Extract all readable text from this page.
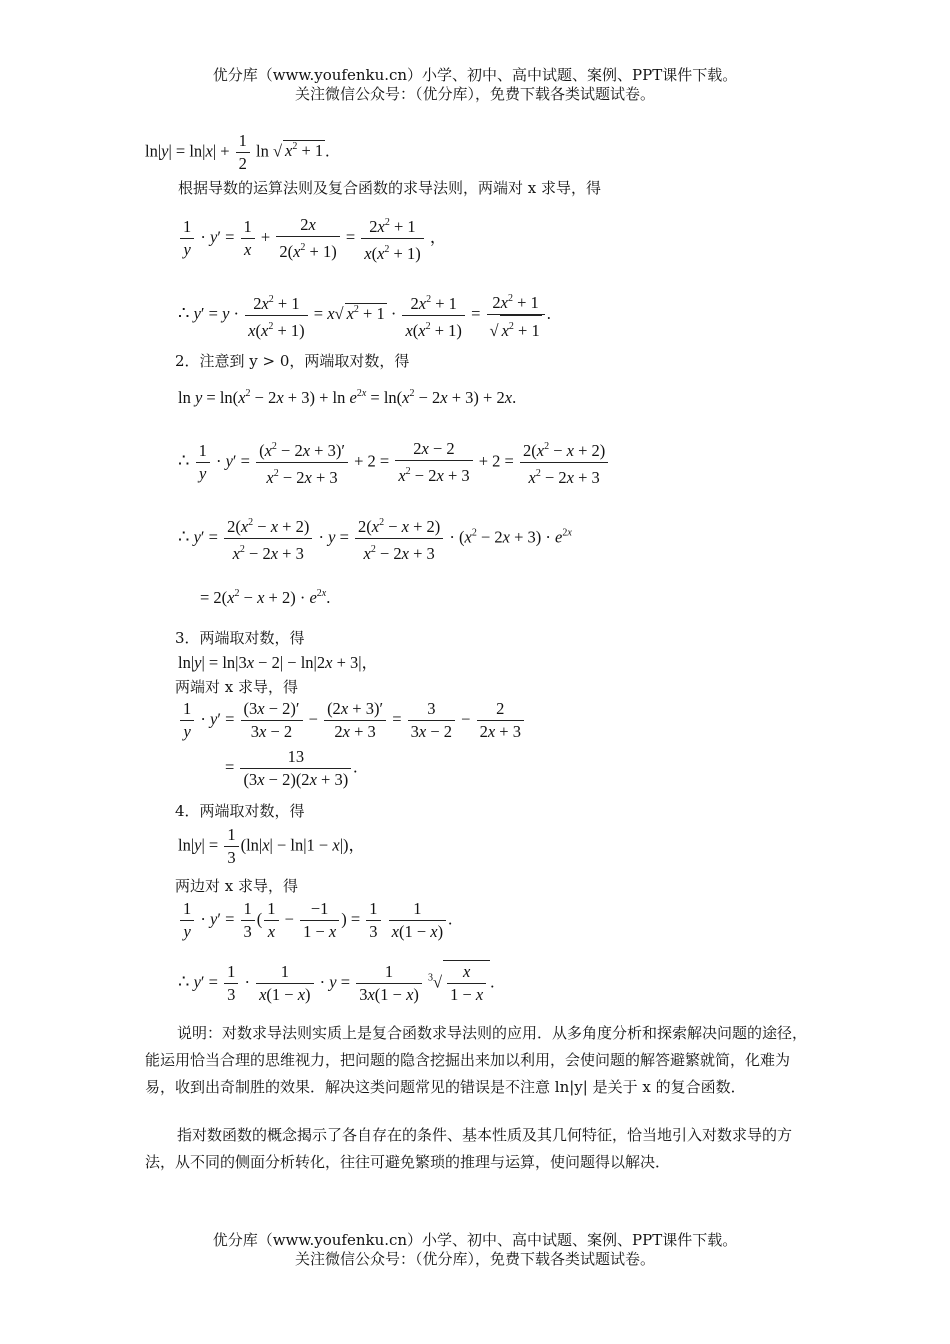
优分库（www.youfenku.cn）小学、初中、高中试题、案例、PPT课件下载。
关注微信公众号：（优分库），免费下载各类试题试卷。
$\ln|y| = \ln|x| + \frac{1}{2}$ ln √ $x^2 + 1$ .
根据导数的运算法则及复合函数的求导法则，两端对 x 求导，得
$\frac{1}{y} \cdot y' = \frac{1}{x} + \frac{2x}{2(x^2 + 1)} = \frac{2x^2 + 1}{x(x^2 + 1)}$ ，
∴ $y' = y \cdot \frac{2x^2 + 1}{x(x^2 + 1)} = x√$ $x^2 + 1 \cdot \frac{2x^2 + 1}{x(x^2 + 1)} = \frac{2x^2 + 1}{√ x^2 + 1}$ .
2．注意到 y > 0，两端取对数，得
$\ln y = \ln(x^2 - 2x + 3) + \ln e^{2x} = \ln(x^2 - 2x + 3) + 2x$.
∴ $\frac{1}{y} \cdot y' = \frac{(x^2 - 2x + 3)'}{x^2 - 2x + 3} + 2 = \frac{2x - 2}{x^2 - 2x + 3} + 2 = \frac{2(x^2 - x + 2)}{x^2 - 2x + 3}$
∴ $y' = \frac{2(x^2 - x + 2)}{x^2 - 2x + 3} \cdot y = \frac{2(x^2 - x + 2)}{x^2 - 2x + 3} \cdot (x^2 - 2x + 3) \cdot e^{2x}$
= $2(x^2 - x + 2) \cdot e^{2x}$.
3．两端取对数，得
ln|y| = ln|3x − 2| − ln|2x + 3|，
两端对 x 求导，得
$\frac{1}{y} \cdot y' = \frac{(3x - 2)'}{3x - 2} - \frac{(2x + 3)'}{2x + 3} = \frac{3}{3x - 2} - \frac{2}{2x + 3}$
= $\frac{13}{(3x - 2)(2x + 3)}$ .
4．两端取对数，得
$\ln|y| = \frac{1}{3} (\ln|x| - \ln|1 - x|)$，
两边对 x 求导，得
$\frac{1}{y} \cdot y' = \frac{1}{3}$ ( $\frac{1}{x} - \frac{-1}{1 - x}$ ) = $\frac{1}{3}$
$\frac{1}{x(1 - x)}$ .
∴ $y' = \frac{1}{3} \cdot \frac{1}{x(1 - x)} \cdot y = \frac{1}{3x(1 - x)} ^3√ \frac{x}{1 - x}$ .
说明：对数求导法则实质上是复合函数求导法则的应用．从多角度分析和探索解决问题的途径，能运用恰当合理的思维视力，把问题的隐含挖掘出来加以利用，会使问题的解答避繁就简，化难为易，收到出奇制胜的效果．解决这类问题常见的错误是不注意 ln|y| 是关于 x 的复合函数．
指对数函数的概念揭示了各自存在的条件、基本性质及其几何特征，恰当地引入对数求导的方法，从不同的侧面分析转化，往往可避免繁琐的推理与运算，使问题得以解决．
优分库（www.youfenku.cn）小学、初中、高中试题、案例、PPT课件下载。
关注微信公众号：（优分库），免费下载各类试题试卷。
